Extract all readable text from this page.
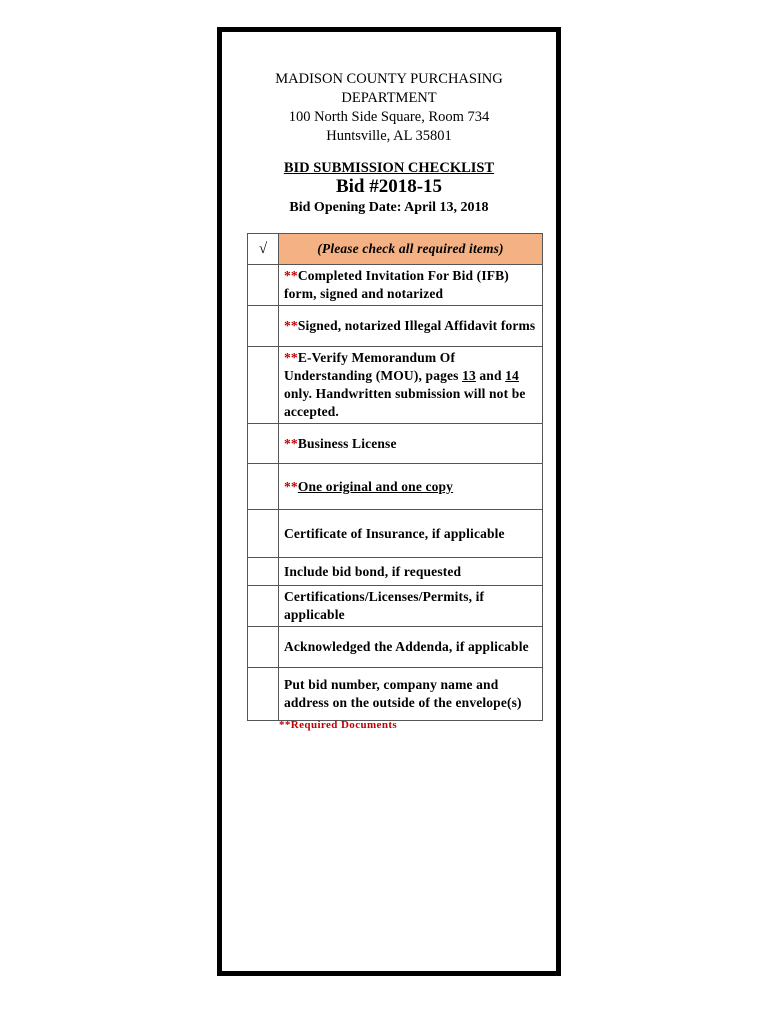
MADISON COUNTY PURCHASING
DEPARTMENT
100 North Side Square, Room 734
Huntsville, AL 35801
BID SUBMISSION CHECKLIST
Bid #2018-15
Bid Opening Date: April 13, 2018
√	(Please check all required items)
	**Completed Invitation For Bid (IFB) form, signed and notarized
	**Signed, notarized Illegal Affidavit forms
	**E-Verify Memorandum Of Understanding (MOU), pages 13 and 14 only. Handwritten submission will not be accepted.
	**Business License
	**One original and one copy
	Certificate of Insurance, if applicable
	Include bid bond, if requested
	Certifications/Licenses/Permits, if applicable
	Acknowledged the Addenda, if applicable
	Put bid number, company name and address on the outside of the envelope(s)
**Required Documents
